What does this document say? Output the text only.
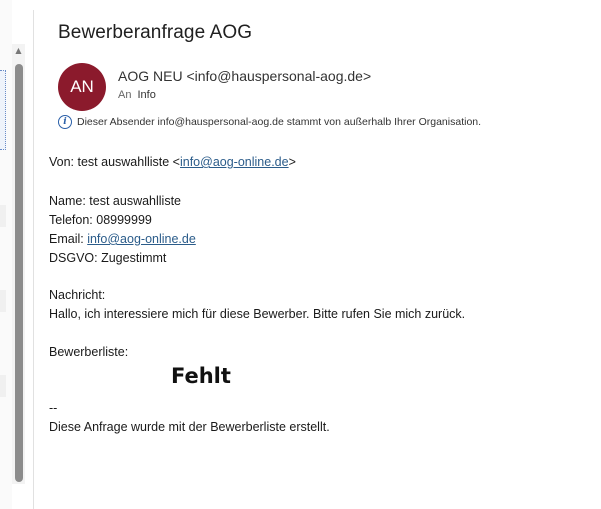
▲
Bewerberanfrage AOG
AN
AOG NEU <info@hauspersonal-aog.de>
An Info
i Dieser Absender info@hauspersonal-aog.de stammt von außerhalb Ihrer Organisation.
Von: test auswahlliste <info@aog-online.de>
Name: test auswahlliste
Telefon: 08999999
Email: info@aog-online.de
DSGVO: Zugestimmt
Nachricht:
Hallo, ich interessiere mich für diese Bewerber. Bitte rufen Sie mich zurück.
Bewerberliste:
Fehlt
--
Diese Anfrage wurde mit der Bewerberliste erstellt.
